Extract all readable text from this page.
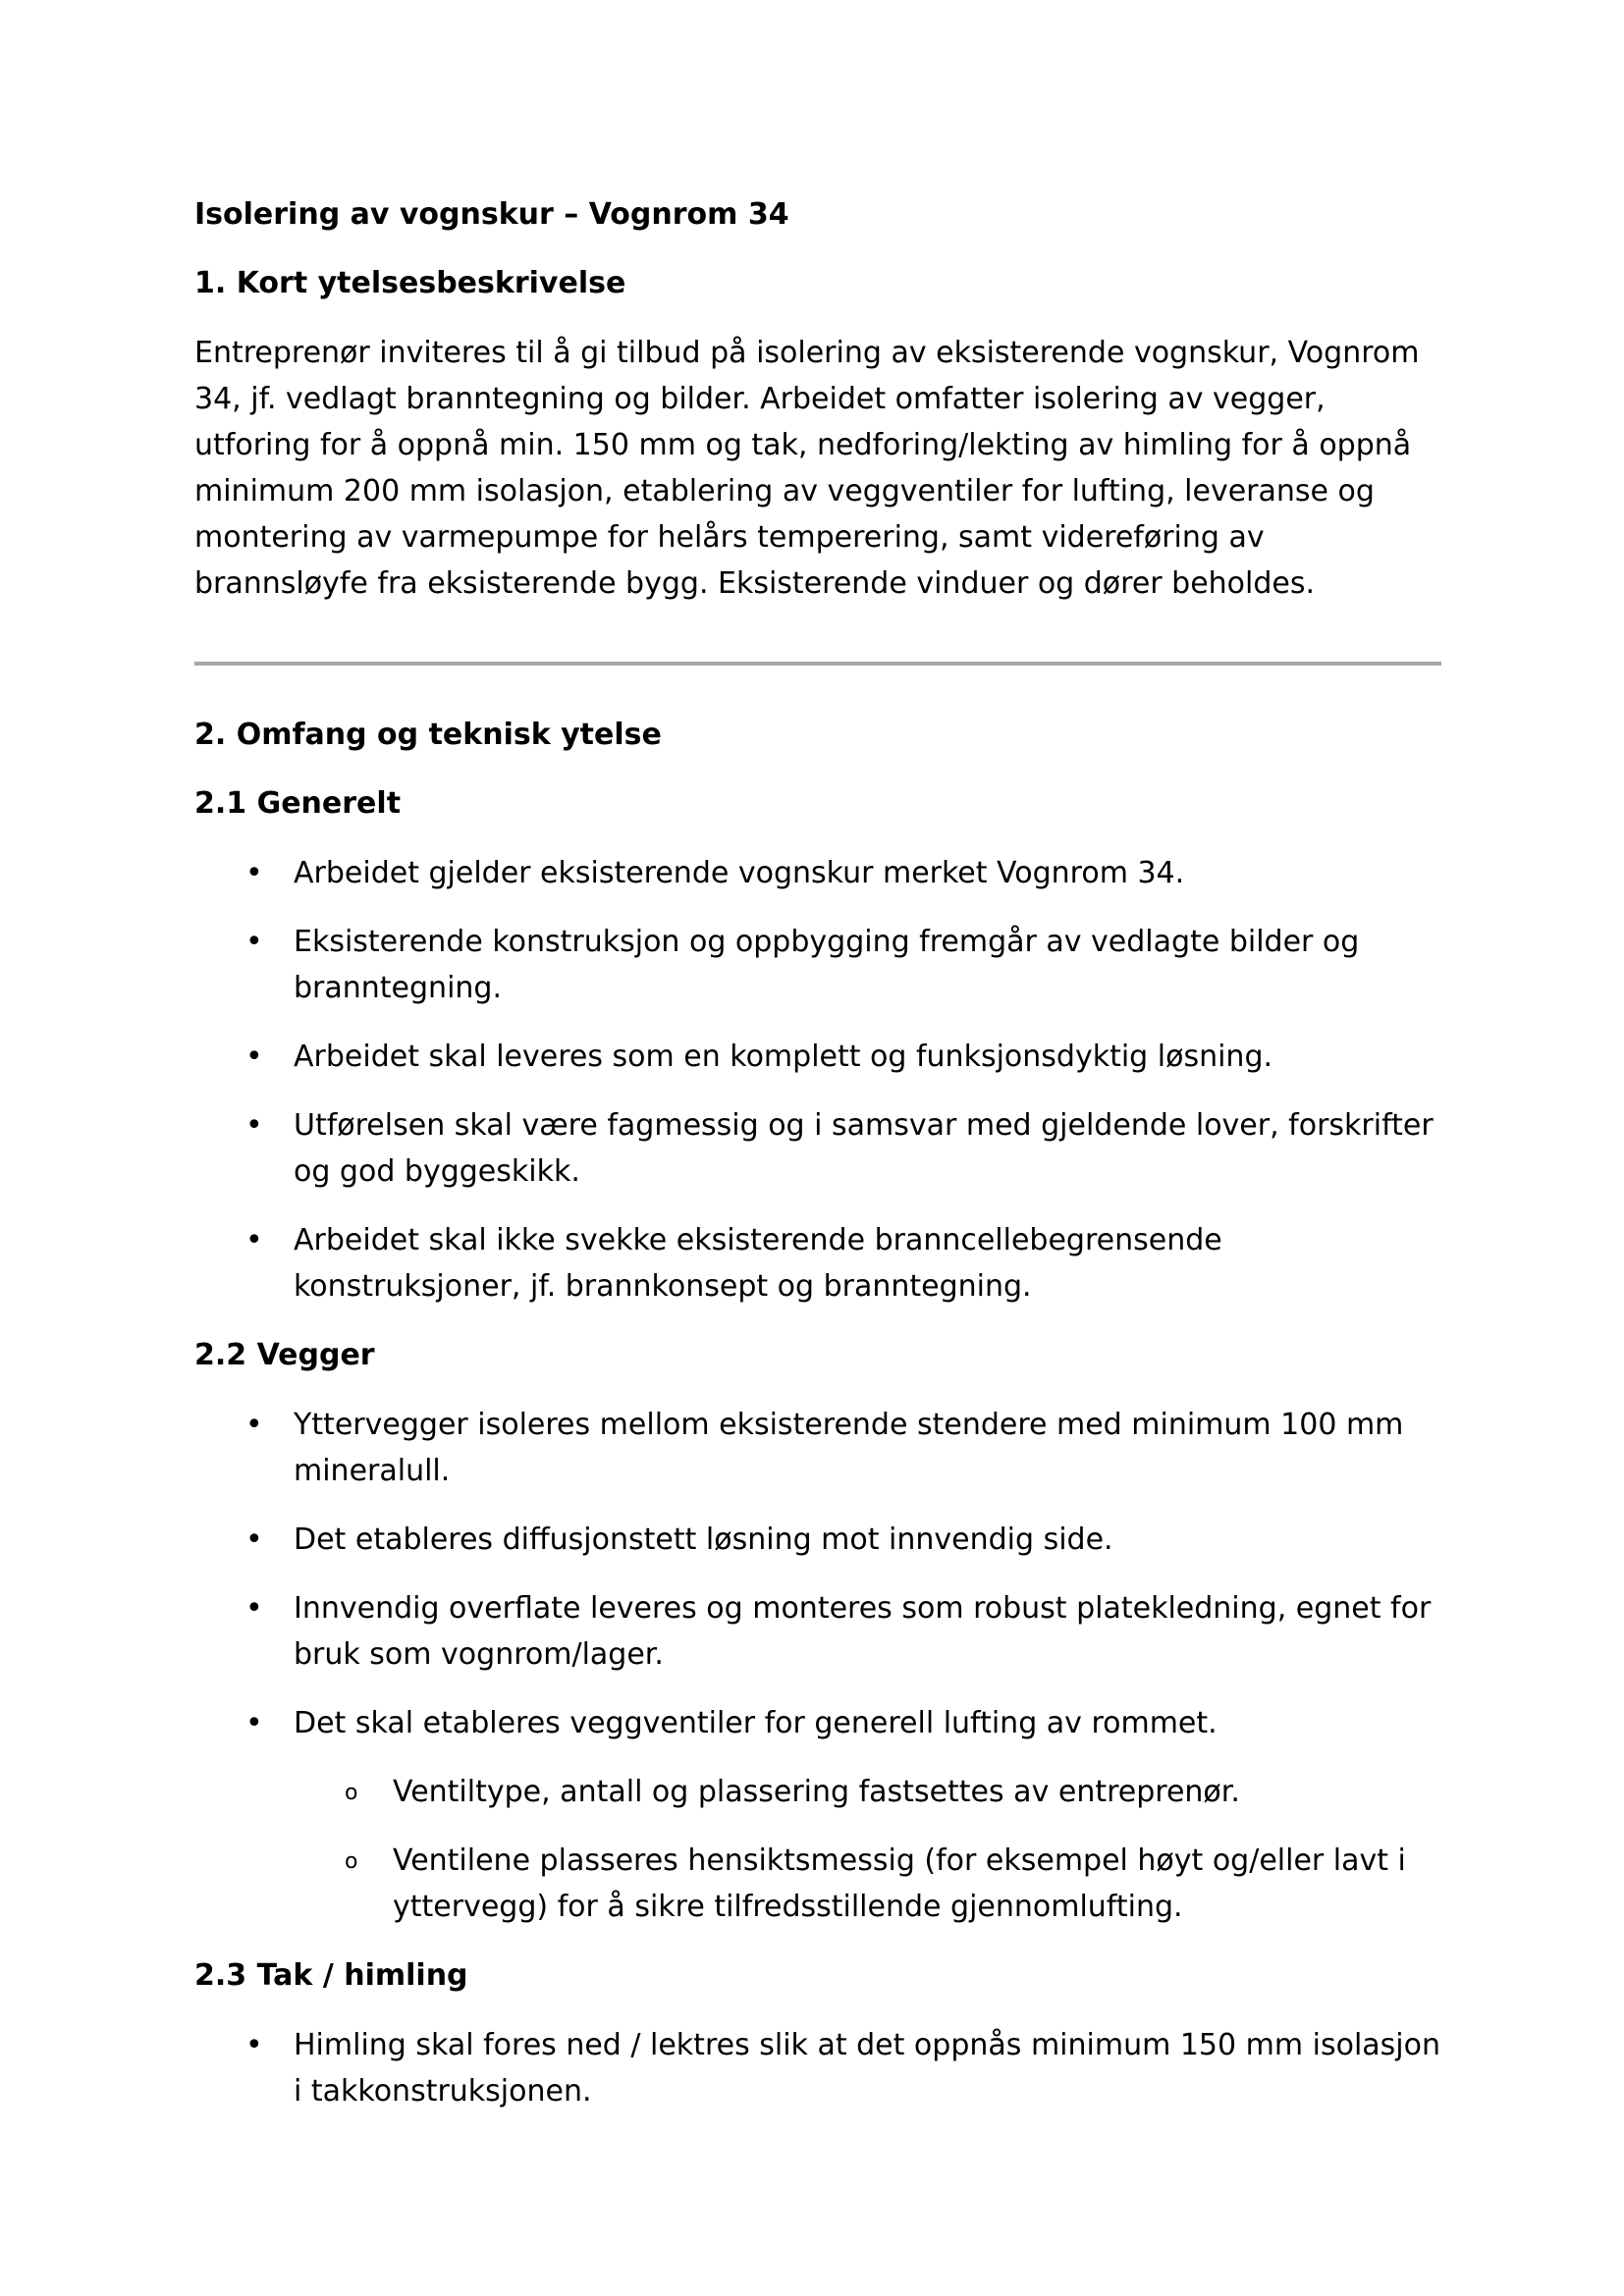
Isolering av vognskur – Vognrom 34
1. Kort ytelsesbeskrivelse

Entreprenør inviteres til å gi tilbud på isolering av eksisterende vognskur, Vognrom 34, jf. vedlagt branntegning og bilder. Arbeidet omfatter isolering av vegger, utforing for å oppnå min. 150 mm og tak, nedforing/lekting av himling for å oppnå minimum 200 mm isolasjon, etablering av veggventiler for lufting, leveranse og montering av varmepumpe for helårs temperering, samt videreføring av brannsløyfe fra eksisterende bygg. Eksisterende vinduer og dører beholdes.

2. Omfang og teknisk ytelse
2.1 Generelt
• Arbeidet gjelder eksisterende vognskur merket Vognrom 34.
• Eksisterende konstruksjon og oppbygging fremgår av vedlagte bilder og branntegning.
• Arbeidet skal leveres som en komplett og funksjonsdyktig løsning.
• Utførelsen skal være fagmessig og i samsvar med gjeldende lover, forskrifter og god byggeskikk.
• Arbeidet skal ikke svekke eksisterende branncellebegrensende konstruksjoner, jf. brannkonsept og branntegning.
2.2 Vegger
• Yttervegger isoleres mellom eksisterende stendere med minimum 100 mm mineralull.
• Det etableres diffusjonstett løsning mot innvendig side.
• Innvendig overflate leveres og monteres som robust platekledning, egnet for bruk som vognrom/lager.
• Det skal etableres veggventiler for generell lufting av rommet.
o Ventiltype, antall og plassering fastsettes av entreprenør.
o Ventilene plasseres hensiktsmessig (for eksempel høyt og/eller lavt i yttervegg) for å sikre tilfredsstillende gjennomlufting.
2.3 Tak / himling
• Himling skal fores ned / lektres slik at det oppnås minimum 150 mm isolasjon i takkonstruksjonen.
